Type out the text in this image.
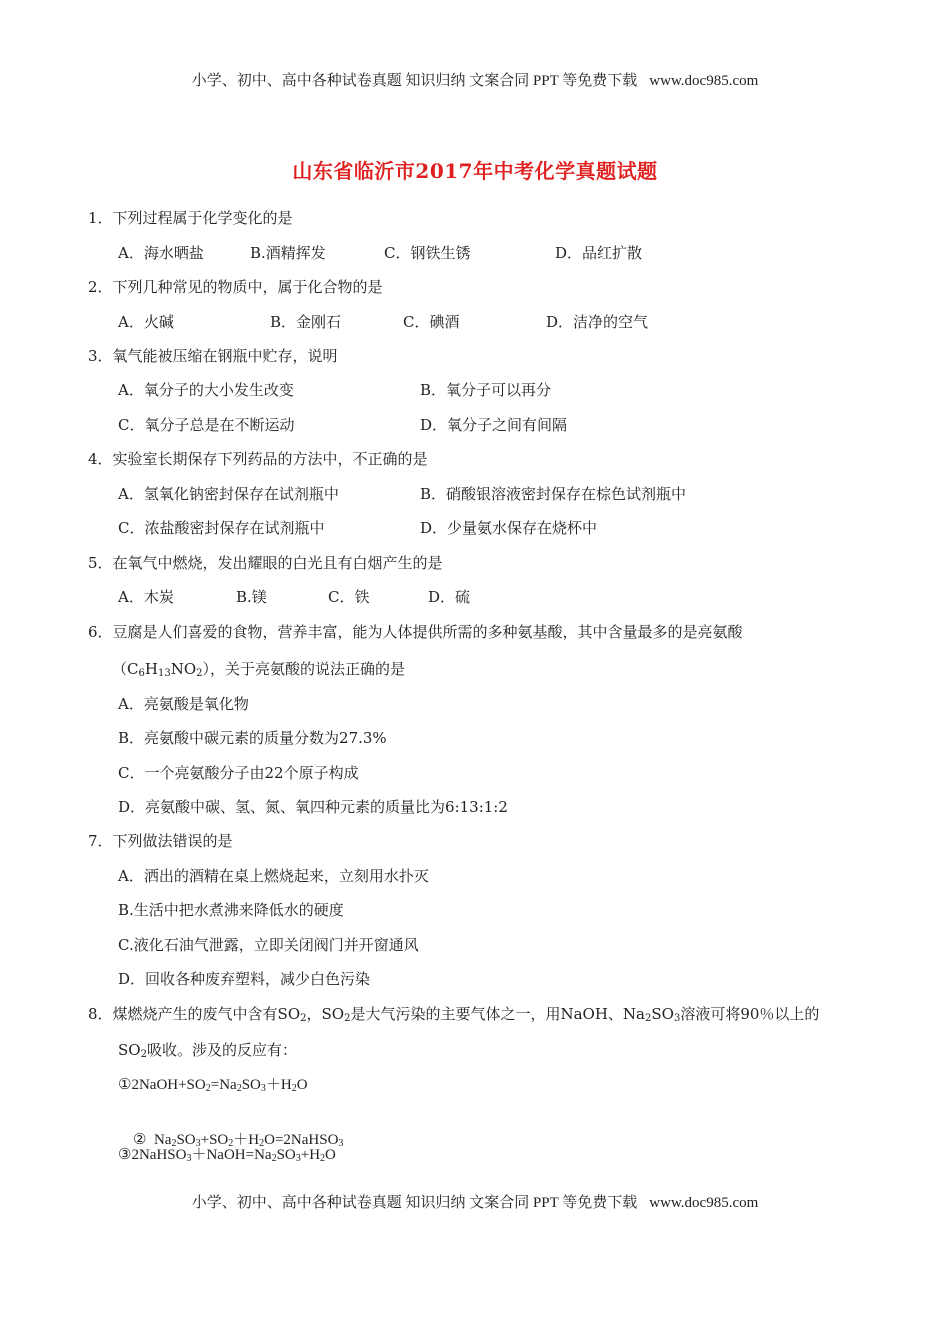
小学、初中、高中各种试卷真题 知识归纳 文案合同 PPT 等免费下载 www.doc985.com
山东省临沂市2017年中考化学真题试题
1．下列过程属于化学变化的是
A．海水晒盐	B.酒精挥发	C．钢铁生锈	D．品红扩散
2．下列几种常见的物质中，属于化合物的是
A．火碱	B．金刚石	C．碘酒	D．洁净的空气
3．氧气能被压缩在钢瓶中贮存，说明
A．氧分子的大小发生改变	B．氧分子可以再分
C．氧分子总是在不断运动	D．氧分子之间有间隔
4．实验室长期保存下列药品的方法中，不正确的是
A．氢氧化钠密封保存在试剂瓶中	B．硝酸银溶液密封保存在棕色试剂瓶中
C．浓盐酸密封保存在试剂瓶中	D．少量氨水保存在烧杯中
5．在氧气中燃烧，发出耀眼的白光且有白烟产生的是
A．木炭	B.镁	C．铁	D．硫
6．豆腐是人们喜爱的食物，营养丰富，能为人体提供所需的多种氨基酸，其中含量最多的是亮氨酸
$(C_6H_{13}NO_2)$，关于亮氨酸的说法正确的是
A．亮氨酸是氧化物
B．亮氨酸中碳元素的质量分数为27.3%
C．一个亮氨酸分子由22个原子构成
D．亮氨酸中碳、氢、氮、氧四种元素的质量比为6:13:1:2
7．下列做法错误的是
A．洒出的酒精在桌上燃烧起来，立刻用水扑灭
B.生活中把水煮沸来降低水的硬度
C.液化石油气泄露，立即关闭阀门并开窗通风
D．回收各种废弃塑料，减少白色污染
8．煤燃烧产生的废气中含有$SO_2$，$SO_2$是大气污染的主要气体之一，用NaOH、$Na_2SO_3$溶液可将90％以上的
$SO_2$吸收。涉及的反应有：
$①2NaOH+SO_2=Na_2SO_3+H_2O$

②  $Na_2SO_3+SO_2+H_2O=2NaHSO_3$

$③2NaHSO_3+NaOH=Na_2SO_3+H_2O$
小学、初中、高中各种试卷真题 知识归纳 文案合同 PPT 等免费下载 www.doc985.com
